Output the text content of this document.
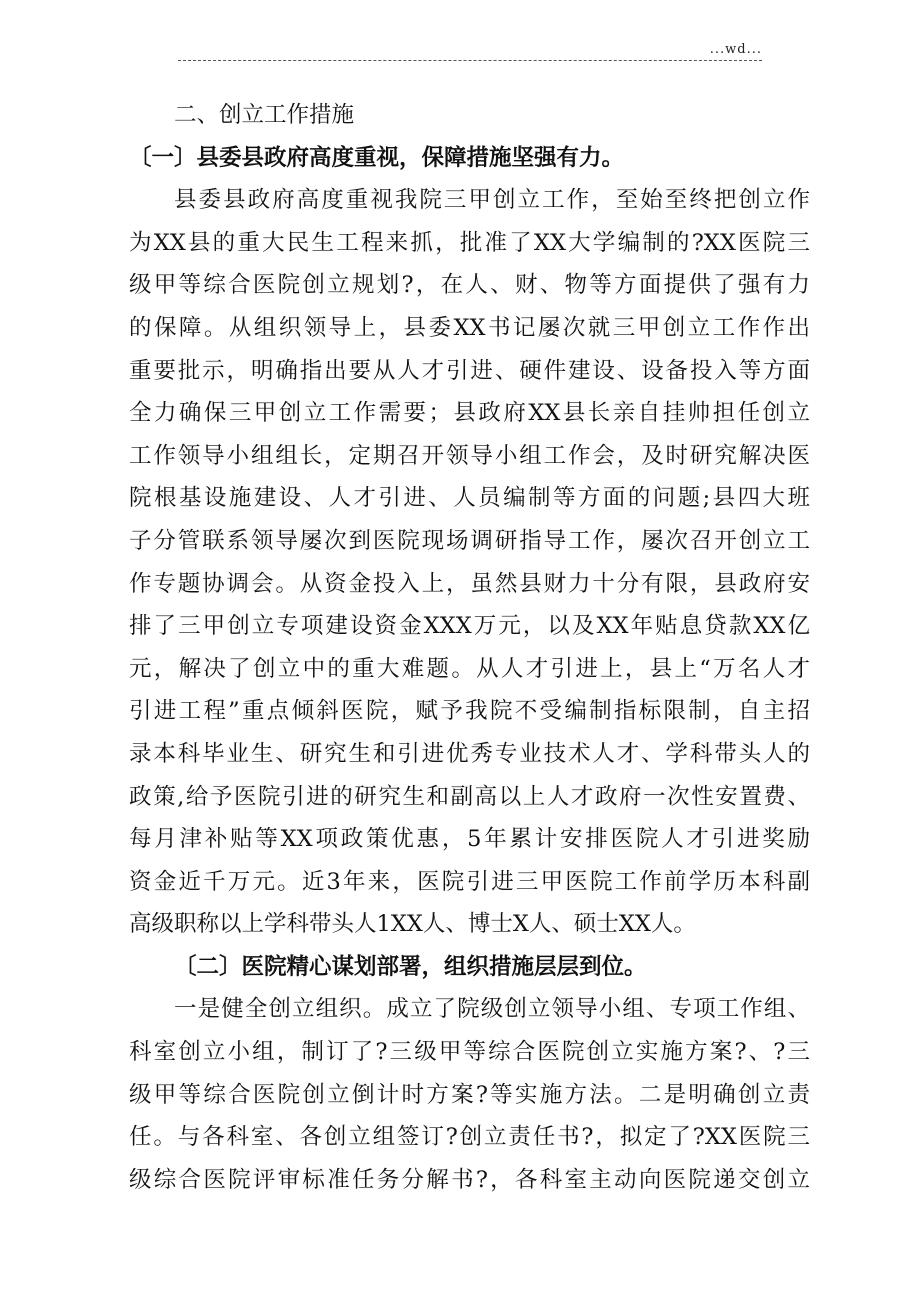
...wd...
二、创立工作措施
〔一〕县委县政府高度重视，保障措施坚强有力。
县委县政府高度重视我院三甲创立工作，至始至终把创立作
为XX县的重大民生工程来抓，批准了XX大学编制的?XX医院三
级甲等综合医院创立规划?，在人、财、物等方面提供了强有力
的保障。从组织领导上，县委XX书记屡次就三甲创立工作作出
重要批示，明确指出要从人才引进、硬件建设、设备投入等方面
全力确保三甲创立工作需要；县政府XX县长亲自挂帅担任创立
工作领导小组组长，定期召开领导小组工作会，及时研究解决医
院根基设施建设、人才引进、人员编制等方面的问题;县四大班
子分管联系领导屡次到医院现场调研指导工作，屡次召开创立工
作专题协调会。从资金投入上，虽然县财力十分有限，县政府安
排了三甲创立专项建设资金XXX万元，以及XX年贴息贷款XX亿
元，解决了创立中的重大难题。从人才引进上，县上“万名人才
引进工程”重点倾斜医院，赋予我院不受编制指标限制，自主招
录本科毕业生、研究生和引进优秀专业技术人才、学科带头人的
政策,给予医院引进的研究生和副高以上人才政府一次性安置费、
每月津补贴等XX项政策优惠，5年累计安排医院人才引进奖励
资金近千万元。近3年来，医院引进三甲医院工作前学历本科副
高级职称以上学科带头人1XX人、博士X人、硕士XX人。
〔二〕医院精心谋划部署，组织措施层层到位。
一是健全创立组织。成立了院级创立领导小组、专项工作组、
科室创立小组，制订了?三级甲等综合医院创立实施方案?、?三
级甲等综合医院创立倒计时方案?等实施方法。二是明确创立责
任。与各科室、各创立组签订?创立责任书?，拟定了?XX医院三
级综合医院评审标准任务分解书?，各科室主动向医院递交创立
